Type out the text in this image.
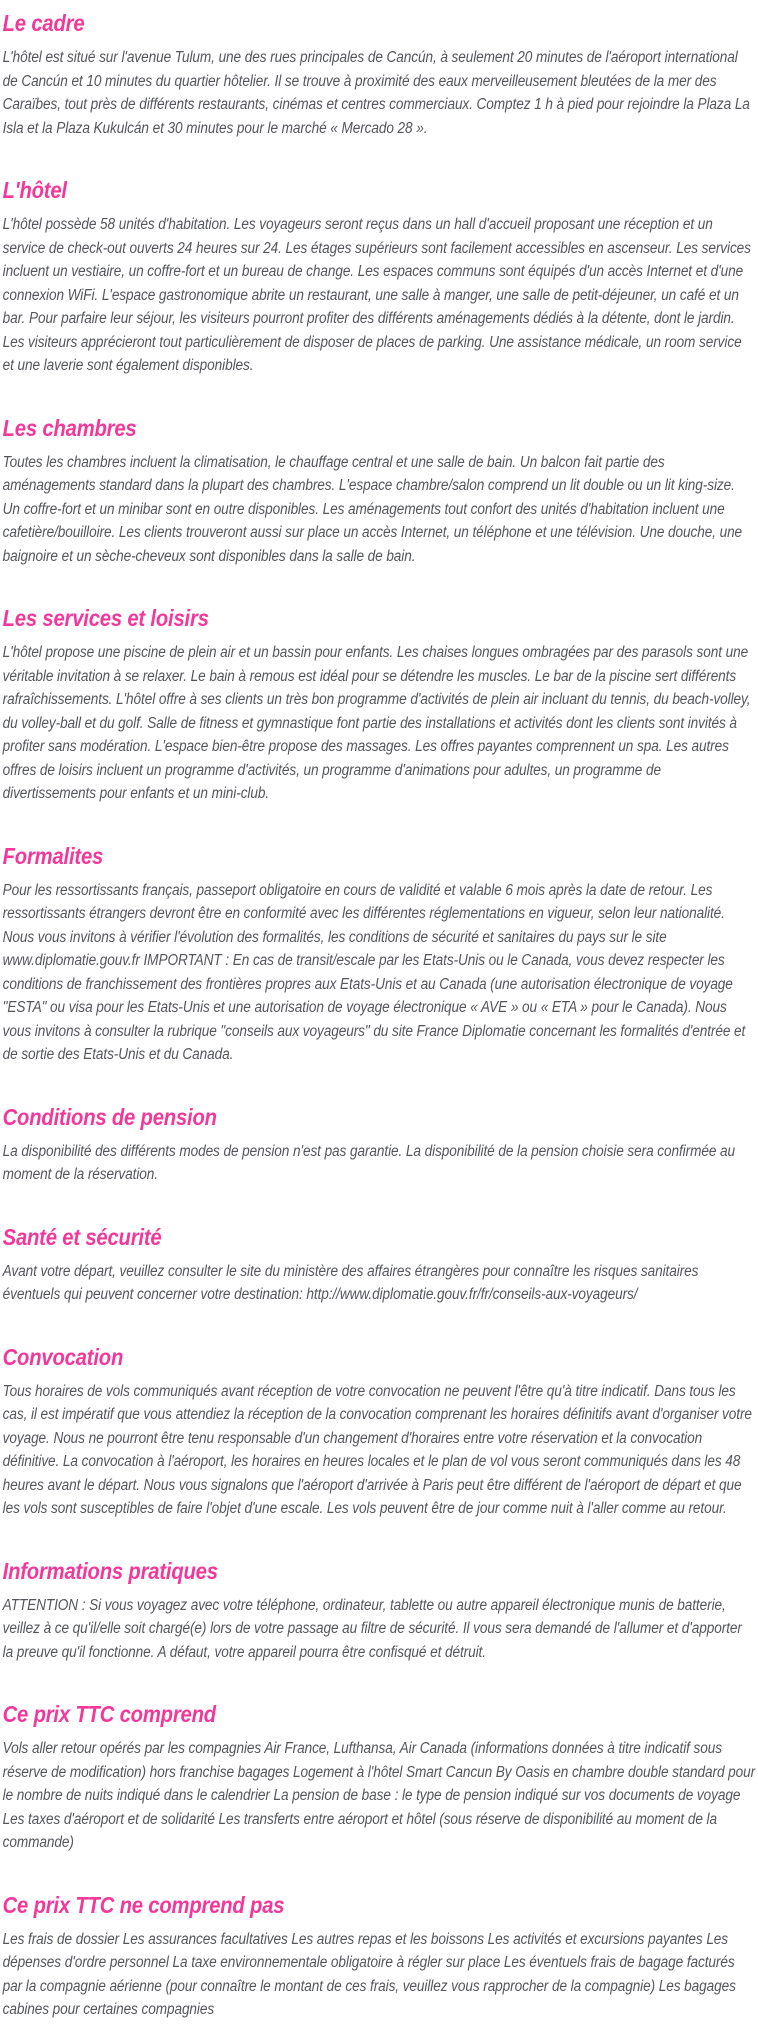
Le cadre

L'hôtel est situé sur l'avenue Tulum, une des rues principales de Cancún, à seulement 20 minutes de l'aéroport international de Cancún et 10 minutes du quartier hôtelier. Il se trouve à proximité des eaux merveilleusement bleutées de la mer des Caraïbes, tout près de différents restaurants, cinémas et centres commerciaux. Comptez 1 h à pied pour rejoindre la Plaza La Isla et la Plaza Kukulcán et 30 minutes pour le marché « Mercado 28 ».

L'hôtel

L'hôtel possède 58 unités d'habitation. Les voyageurs seront reçus dans un hall d'accueil proposant une réception et un service de check-out ouverts 24 heures sur 24. Les étages supérieurs sont facilement accessibles en ascenseur. Les services incluent un vestiaire, un coffre-fort et un bureau de change. Les espaces communs sont équipés d'un accès Internet et d'une connexion WiFi. L'espace gastronomique abrite un restaurant, une salle à manger, une salle de petit-déjeuner, un café et un bar. Pour parfaire leur séjour, les visiteurs pourront profiter des différents aménagements dédiés à la détente, dont le jardin. Les visiteurs apprécieront tout particulièrement de disposer de places de parking. Une assistance médicale, un room service et une laverie sont également disponibles.

Les chambres

Toutes les chambres incluent la climatisation, le chauffage central et une salle de bain. Un balcon fait partie des aménagements standard dans la plupart des chambres. L'espace chambre/salon comprend un lit double ou un lit king-size. Un coffre-fort et un minibar sont en outre disponibles. Les aménagements tout confort des unités d'habitation incluent une cafetière/bouilloire. Les clients trouveront aussi sur place un accès Internet, un téléphone et une télévision. Une douche, une baignoire et un sèche-cheveux sont disponibles dans la salle de bain.

Les services et loisirs

L'hôtel propose une piscine de plein air et un bassin pour enfants. Les chaises longues ombragées par des parasols sont une véritable invitation à se relaxer. Le bain à remous est idéal pour se détendre les muscles. Le bar de la piscine sert différents rafraîchissements. L'hôtel offre à ses clients un très bon programme d'activités de plein air incluant du tennis, du beach-volley, du volley-ball et du golf. Salle de fitness et gymnastique font partie des installations et activités dont les clients sont invités à profiter sans modération. L'espace bien-être propose des massages. Les offres payantes comprennent un spa. Les autres offres de loisirs incluent un programme d'activités, un programme d'animations pour adultes, un programme de divertissements pour enfants et un mini-club.

Formalites

Pour les ressortissants français, passeport obligatoire en cours de validité et valable 6 mois après la date de retour. Les ressortissants étrangers devront être en conformité avec les différentes réglementations en vigueur, selon leur nationalité. Nous vous invitons à vérifier l'évolution des formalités, les conditions de sécurité et sanitaires du pays sur le site www.diplomatie.gouv.fr IMPORTANT : En cas de transit/escale par les Etats-Unis ou le Canada, vous devez respecter les conditions de franchissement des frontières propres aux Etats-Unis et au Canada (une autorisation électronique de voyage "ESTA" ou visa pour les Etats-Unis et une autorisation de voyage électronique « AVE » ou « ETA » pour le Canada). Nous vous invitons à consulter la rubrique "conseils aux voyageurs" du site France Diplomatie concernant les formalités d'entrée et de sortie des Etats-Unis et du Canada.

Conditions de pension

La disponibilité des différents modes de pension n'est pas garantie. La disponibilité de la pension choisie sera confirmée au moment de la réservation.

Santé et sécurité

Avant votre départ, veuillez consulter le site du ministère des affaires étrangères pour connaître les risques sanitaires éventuels qui peuvent concerner votre destination: http://www.diplomatie.gouv.fr/fr/conseils-aux-voyageurs/

Convocation

Tous horaires de vols communiqués avant réception de votre convocation ne peuvent l'être qu'à titre indicatif. Dans tous les cas, il est impératif que vous attendiez la réception de la convocation comprenant les horaires définitifs avant d'organiser votre voyage. Nous ne pourront être tenu responsable d'un changement d'horaires entre votre réservation et la convocation définitive. La convocation à l'aéroport, les horaires en heures locales et le plan de vol vous seront communiqués dans les 48 heures avant le départ. Nous vous signalons que l'aéroport d'arrivée à Paris peut être différent de l'aéroport de départ et que les vols sont susceptibles de faire l'objet d'une escale. Les vols peuvent être de jour comme nuit à l'aller comme au retour.

Informations pratiques

ATTENTION : Si vous voyagez avec votre téléphone, ordinateur, tablette ou autre appareil électronique munis de batterie, veillez à ce qu'il/elle soit chargé(e) lors de votre passage au filtre de sécurité. Il vous sera demandé de l'allumer et d'apporter la preuve qu'il fonctionne. A défaut, votre appareil pourra être confisqué et détruit.

Ce prix TTC comprend

Vols aller retour opérés par les compagnies Air France, Lufthansa, Air Canada (informations données à titre indicatif sous réserve de modification) hors franchise bagages Logement à l'hôtel Smart Cancun By Oasis en chambre double standard pour le nombre de nuits indiqué dans le calendrier La pension de base : le type de pension indiqué sur vos documents de voyage Les taxes d'aéroport et de solidarité Les transferts entre aéroport et hôtel (sous réserve de disponibilité au moment de la commande)

Ce prix TTC ne comprend pas

Les frais de dossier Les assurances facultatives Les autres repas et les boissons Les activités et excursions payantes Les dépenses d'ordre personnel La taxe environnementale obligatoire à régler sur place Les éventuels frais de bagage facturés par la compagnie aérienne (pour connaître le montant de ces frais, veuillez vous rapprocher de la compagnie) Les bagages cabines pour certaines compagnies
